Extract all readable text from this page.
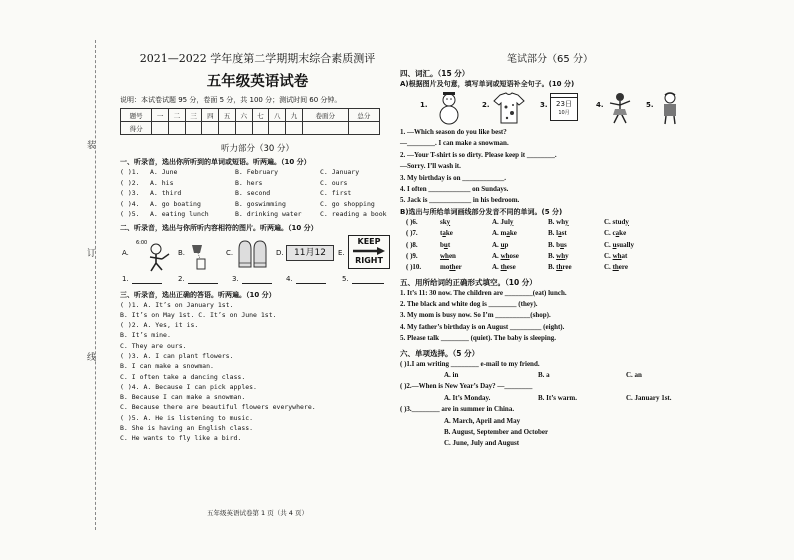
装
订
线
2021—2022 学年度第二学期期末综合素质测评
五年级英语试卷
说明：本试卷试题 95 分，卷面 5 分，共 100 分；测试时间 60 分钟。
题号	一	二	三	四	五	六	七	八	九	卷面分	总分
得分											
听力部分（30 分）
一、听录音，选出你所听到的单词或短语。听两遍。（10 分）
( )1. A. June	B. February	C. January
( )2. A. his	B. hers	C. ours
( )3. A. third	B. second	C. first
( )4. A. go boating	B. goswimming	C. go shopping
( )5. A. eating lunch	B. drinking water	C. reading a book
二、听录音，选出与你所听内容相符的图片。听两遍。（10 分）
A.
6:00
B.	C.	D.	11月12	E.
KEEP
RIGHT
1.	2.	3.	4.	5.
三、听录音，选出正确的答语。听两遍。（10 分）
( )1. A. It’s on January 1st.
B. It’s on May 1st. C. It’s on June 1st.
( )2. A. Yes, it is.
B. It’s mine.
C. They are ours.
( )3. A. I can plant flowers.
B. I can make a snowman.
C. I often take a dancing class.
( )4. A. Because I can pick apples.
B. Because I can make a snowman.
C. Because there are beautiful flowers everywhere.
( )5. A. He is listening to music.
B. She is having an English class.
C. He wants to fly like a bird.
五年级英语试卷第 1 页（共 4 页）
笔试部分（65 分）
四、词汇。（15 分）
A)根据图片及句意，填写单词或短语补全句子。(10 分)
1.	2.	3.	23日
10月
4.	5.
1. —Which season do you like best?
—________. I can make a snowman.
2. —Your T-shirt is so dirty. Please keep it ________.
—Sorry. I’ll wash it.
3. My birthday is on ____________.
4. I often ____________ on Sundays.
5. Jack is ____________ in his bedroom.
B)选出与所给单词画线部分发音不同的单词。(5 分)
( )6.	sky	A. July	B. why	C. study
( )7.	take	A. make	B. last	C. cake
( )8.	but	A. up	B. bus	C. usually
( )9.	when	A. whose	B. why	C. what
( )10.	mother	A. these	B. three	C. there
五、用所给词的正确形式填空。（10 分）
1. It’s 11: 30 now. The children are ________(eat) lunch.
2. The black and white dog is ________ (they).
3. My mom is busy now. So I’m __________(shop).
4. My father’s birthday is on August _________ (eight).
5. Please talk ________ (quiet). The baby is sleeping.
六、单项选择。（5 分）
( )1.I am writing ________ e-mail to my friend.
A. in	B. a	C. an
( )2.—When is New Year’s Day? —________
A. It’s Monday.	B. It’s warm.	C. January 1st.
( )3.________ are in summer in China.
A. March, April and May
B. August, September and October
C. June, July and August
